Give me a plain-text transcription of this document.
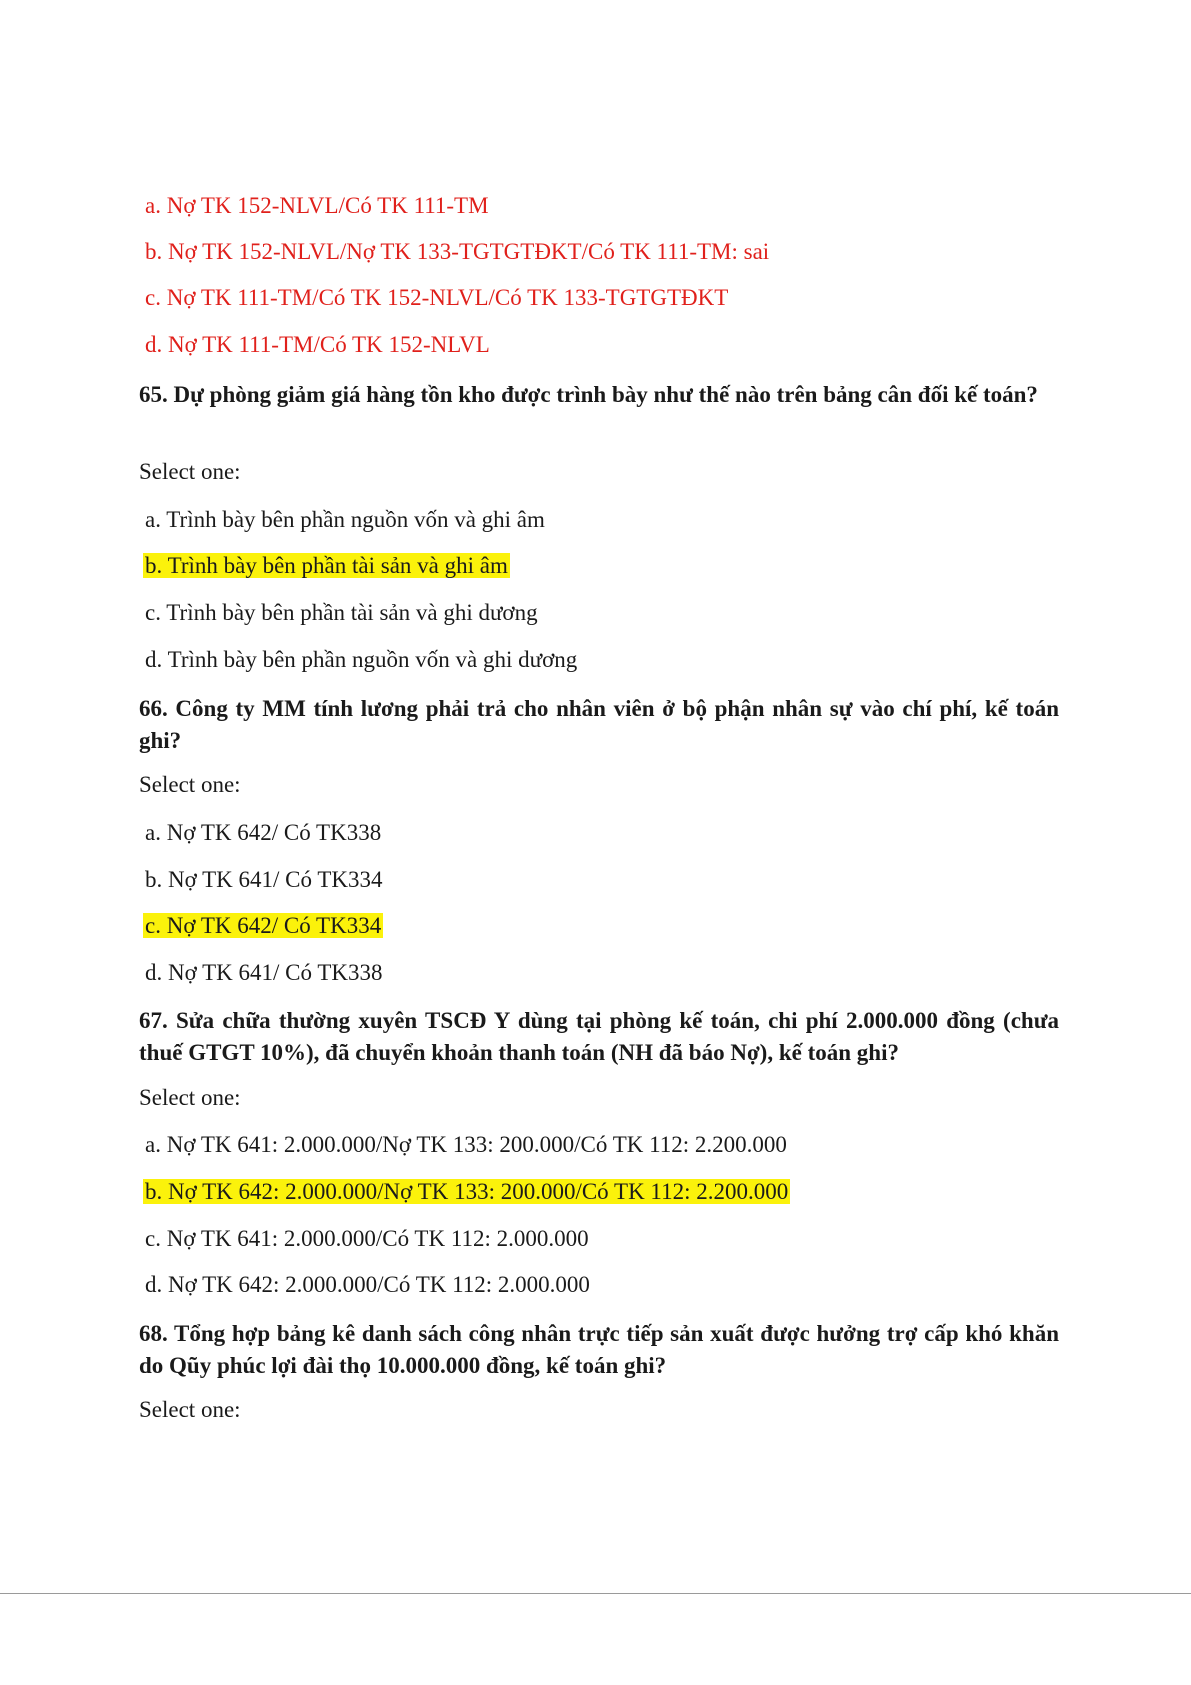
a. Nợ TK 152-NLVL/Có TK 111-TM
b. Nợ TK 152-NLVL/Nợ TK 133-TGTGTĐKT/Có TK 111-TM: sai
c. Nợ TK 111-TM/Có TK 152-NLVL/Có TK 133-TGTGTĐKT
d. Nợ TK 111-TM/Có TK 152-NLVL
65. Dự phòng giảm giá hàng tồn kho được trình bày như thế nào trên bảng cân đối kế toán?
Select one:
a. Trình bày bên phần nguồn vốn và ghi âm
b. Trình bày bên phần tài sản và ghi âm
c. Trình bày bên phần tài sản và ghi dương
d. Trình bày bên phần nguồn vốn và ghi dương
66. Công ty MM tính lương phải trả cho nhân viên ở bộ phận nhân sự vào chí phí, kế toán ghi?
Select one:
a. Nợ TK 642/ Có TK338
b. Nợ TK 641/ Có TK334
c. Nợ TK 642/ Có TK334
d. Nợ TK 641/ Có TK338
67. Sửa chữa thường xuyên TSCĐ Y dùng tại phòng kế toán, chi phí 2.000.000 đồng (chưa thuế GTGT 10%), đã chuyển khoản thanh toán (NH đã báo Nợ), kế toán ghi?
Select one:
a. Nợ TK 641: 2.000.000/Nợ TK 133: 200.000/Có TK 112: 2.200.000
b. Nợ TK 642: 2.000.000/Nợ TK 133: 200.000/Có TK 112: 2.200.000
c. Nợ TK 641: 2.000.000/Có TK 112: 2.000.000
d. Nợ TK 642: 2.000.000/Có TK 112: 2.000.000
68. Tổng hợp bảng kê danh sách công nhân trực tiếp sản xuất được hưởng trợ cấp khó khăn do Qũy phúc lợi đài thọ 10.000.000 đồng, kế toán ghi?
Select one:
